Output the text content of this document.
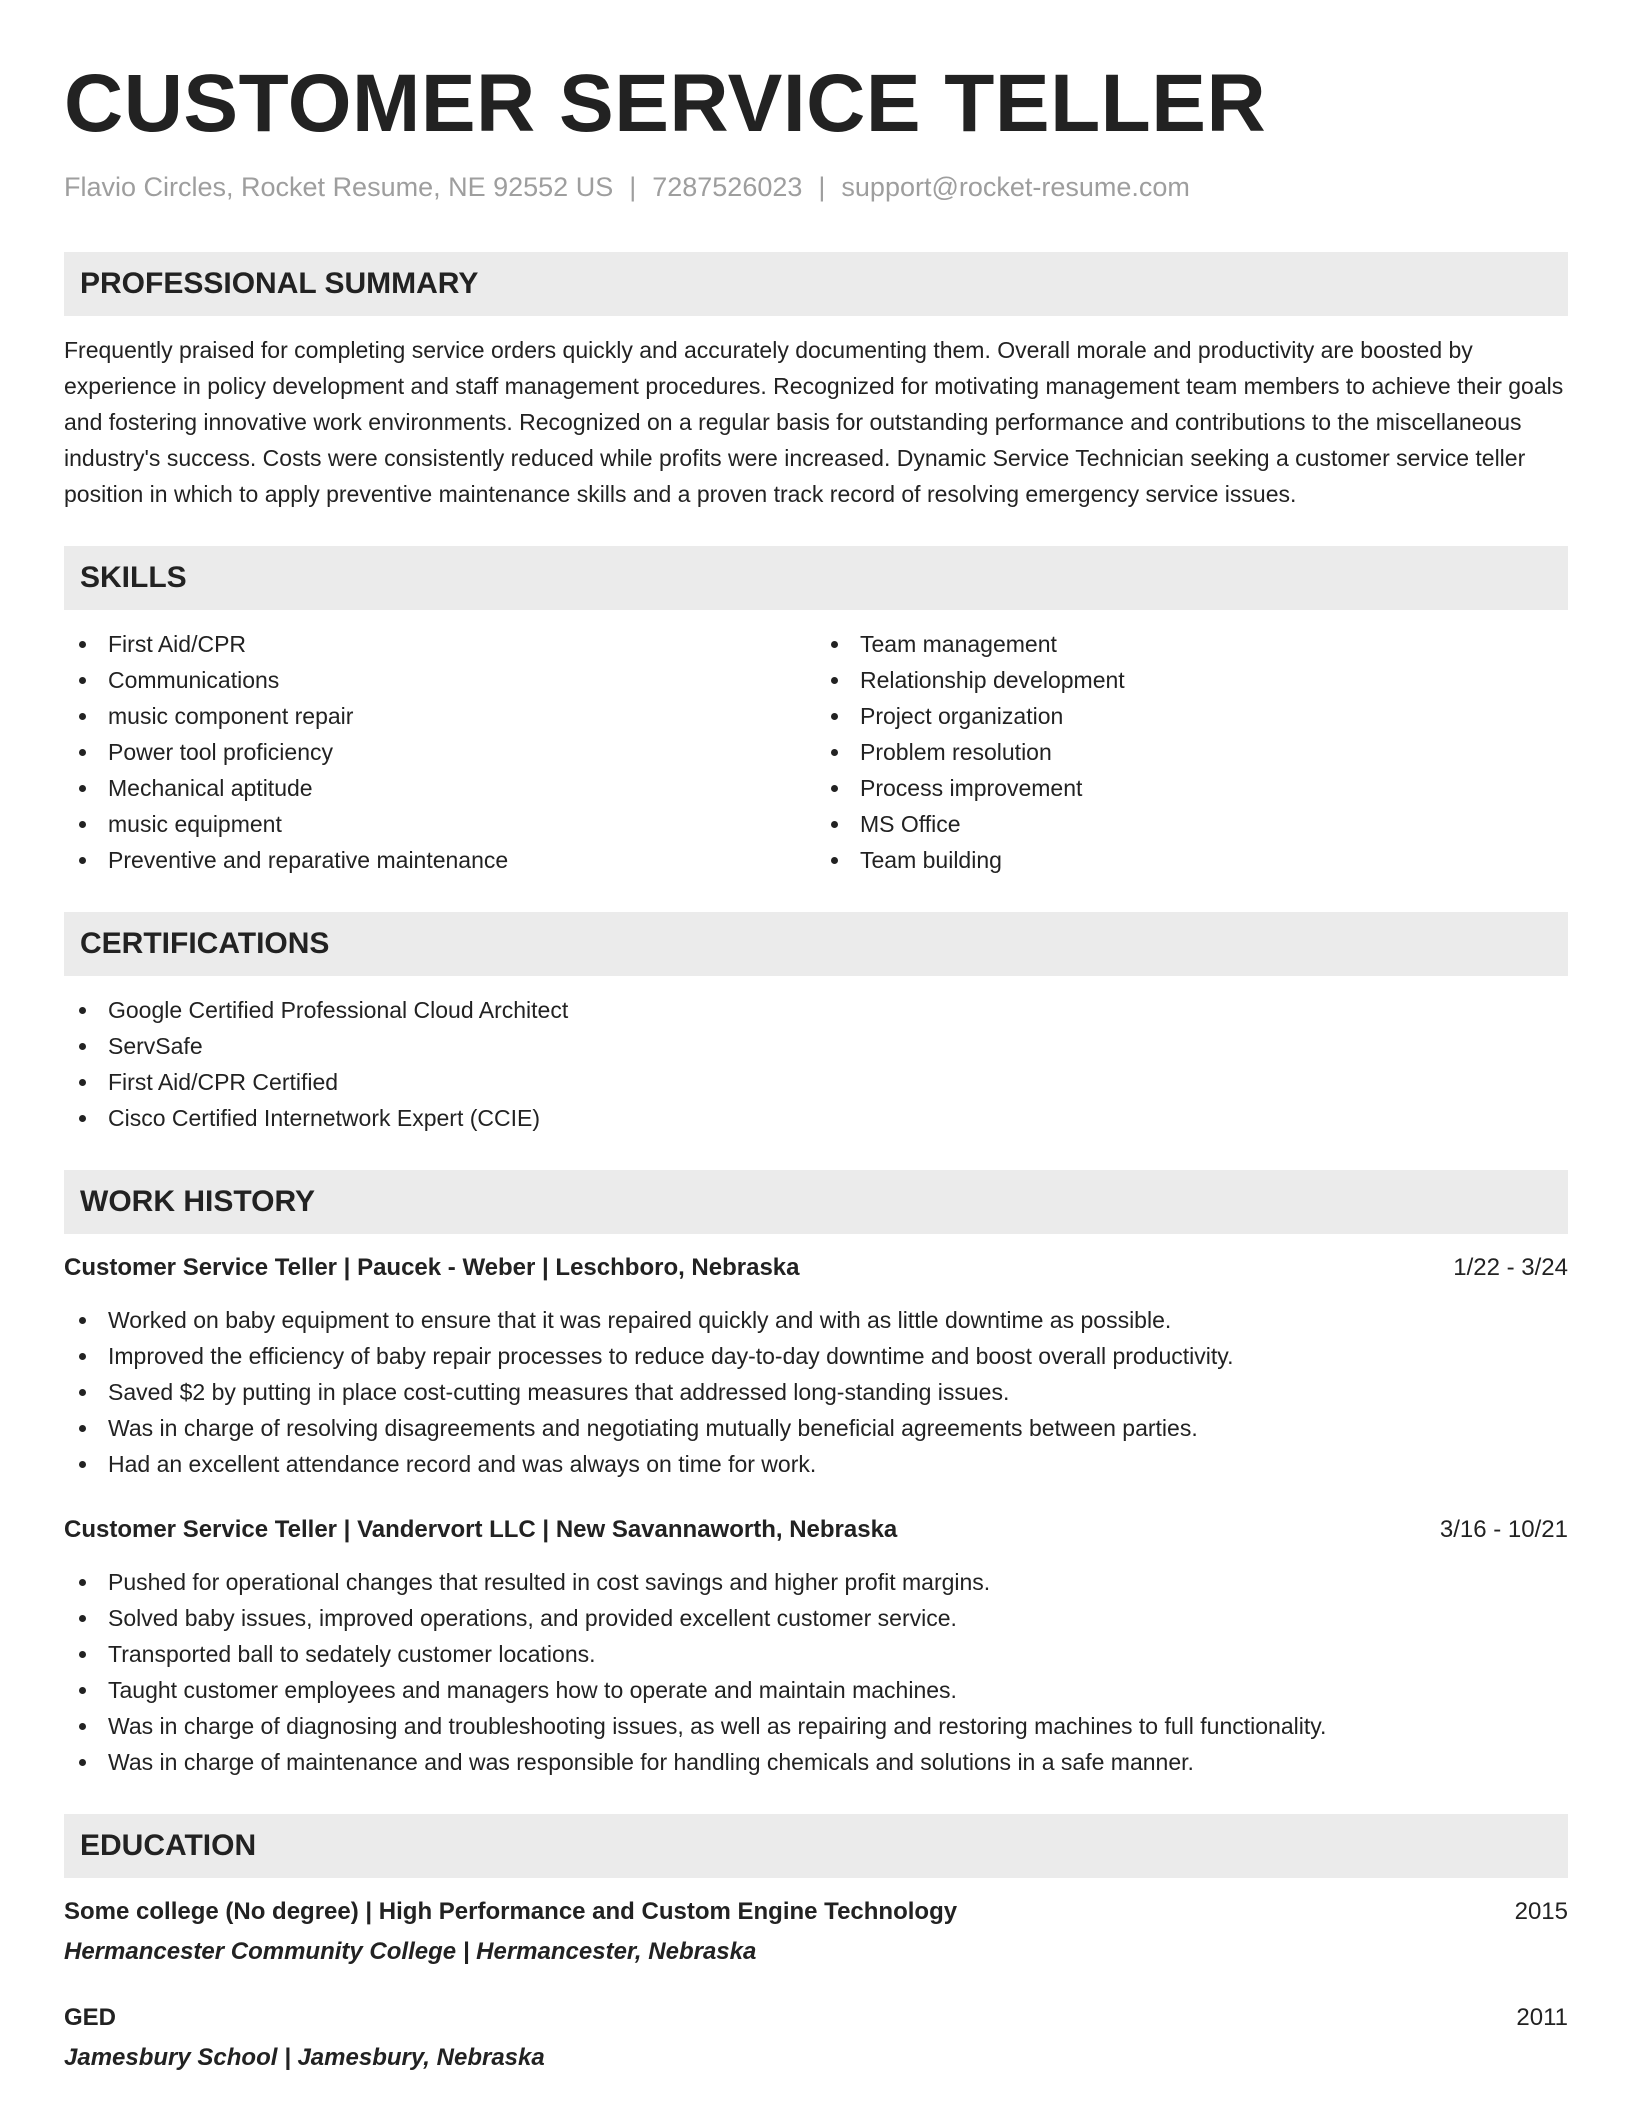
CUSTOMER SERVICE TELLER
Flavio Circles, Rocket Resume, NE 92552 US | 7287526023 | support@rocket-resume.com
PROFESSIONAL SUMMARY

Frequently praised for completing service orders quickly and accurately documenting them. Overall morale and productivity are boosted by experience in policy development and staff management procedures. Recognized for motivating management team members to achieve their goals and fostering innovative work environments. Recognized on a regular basis for outstanding performance and contributions to the miscellaneous industry's success. Costs were consistently reduced while profits were increased. Dynamic Service Technician seeking a customer service teller position in which to apply preventive maintenance skills and a proven track record of resolving emergency service issues.

SKILLS
First Aid/CPR
Communications
music component repair
Power tool proficiency
Mechanical aptitude
music equipment
Preventive and reparative maintenance
Team management
Relationship development
Project organization
Problem resolution
Process improvement
MS Office
Team building
CERTIFICATIONS
Google Certified Professional Cloud Architect
ServSafe
First Aid/CPR Certified
Cisco Certified Internetwork Expert (CCIE)
WORK HISTORY
Customer Service Teller | Paucek - Weber | Leschboro, Nebraska	1/22 - 3/24
Worked on baby equipment to ensure that it was repaired quickly and with as little downtime as possible.
Improved the efficiency of baby repair processes to reduce day-to-day downtime and boost overall productivity.
Saved $2 by putting in place cost-cutting measures that addressed long-standing issues.
Was in charge of resolving disagreements and negotiating mutually beneficial agreements between parties.
Had an excellent attendance record and was always on time for work.
Customer Service Teller | Vandervort LLC | New Savannaworth, Nebraska	3/16 - 10/21
Pushed for operational changes that resulted in cost savings and higher profit margins.
Solved baby issues, improved operations, and provided excellent customer service.
Transported ball to sedately customer locations.
Taught customer employees and managers how to operate and maintain machines.
Was in charge of diagnosing and troubleshooting issues, as well as repairing and restoring machines to full functionality.
Was in charge of maintenance and was responsible for handling chemicals and solutions in a safe manner.
EDUCATION
Some college (No degree) | High Performance and Custom Engine Technology	2015
Hermancester Community College | Hermancester, Nebraska
GED	2011
Jamesbury School | Jamesbury, Nebraska
